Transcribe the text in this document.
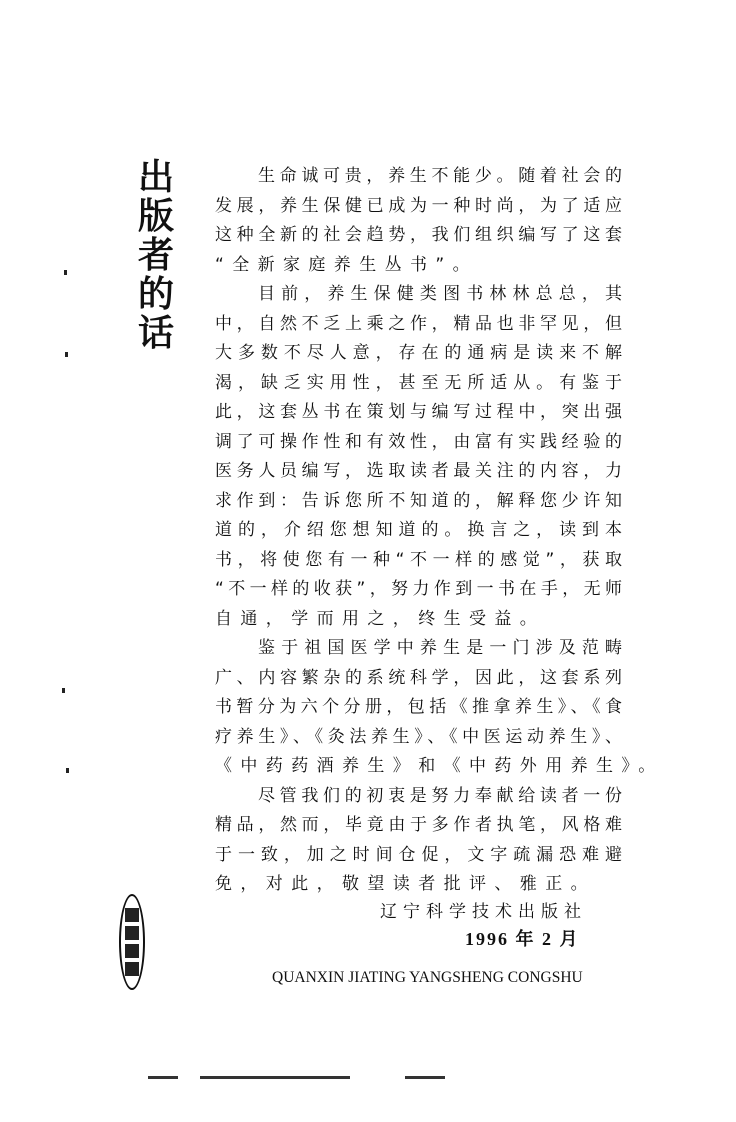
出
版
者
的
话
生命诚可贵，养生不能少。随着社会的
发展，养生保健已成为一种时尚，为了适应
这种全新的社会趋势，我们组织编写了这套
“全新家庭养生丛书”。
目前，养生保健类图书林林总总，其
中，自然不乏上乘之作，精品也非罕见，但
大多数不尽人意，存在的通病是读来不解
渴，缺乏实用性，甚至无所适从。有鉴于
此，这套丛书在策划与编写过程中，突出强
调了可操作性和有效性，由富有实践经验的
医务人员编写，选取读者最关注的内容，力
求作到：告诉您所不知道的，解释您少许知
道的，介绍您想知道的。换言之，读到本
书，将使您有一种“不一样的感觉”，获取
“不一样的收获”，努力作到一书在手，无师
自通，学而用之，终生受益。
鉴于祖国医学中养生是一门涉及范畴
广、内容繁杂的系统科学，因此，这套系列
书暂分为六个分册，包括《推拿养生》、《食
疗养生》、《灸法养生》、《中医运动养生》、
《中药药酒养生》和《中药外用养生》。
尽管我们的初衷是努力奉献给读者一份
精品，然而，毕竟由于多作者执笔，风格难
于一致，加之时间仓促，文字疏漏恐难避
免，对此，敬望读者批评、雅正。
辽宁科学技术出版社
1996 年 2 月
QUANXIN JIATING YANGSHENG CONGSHU
